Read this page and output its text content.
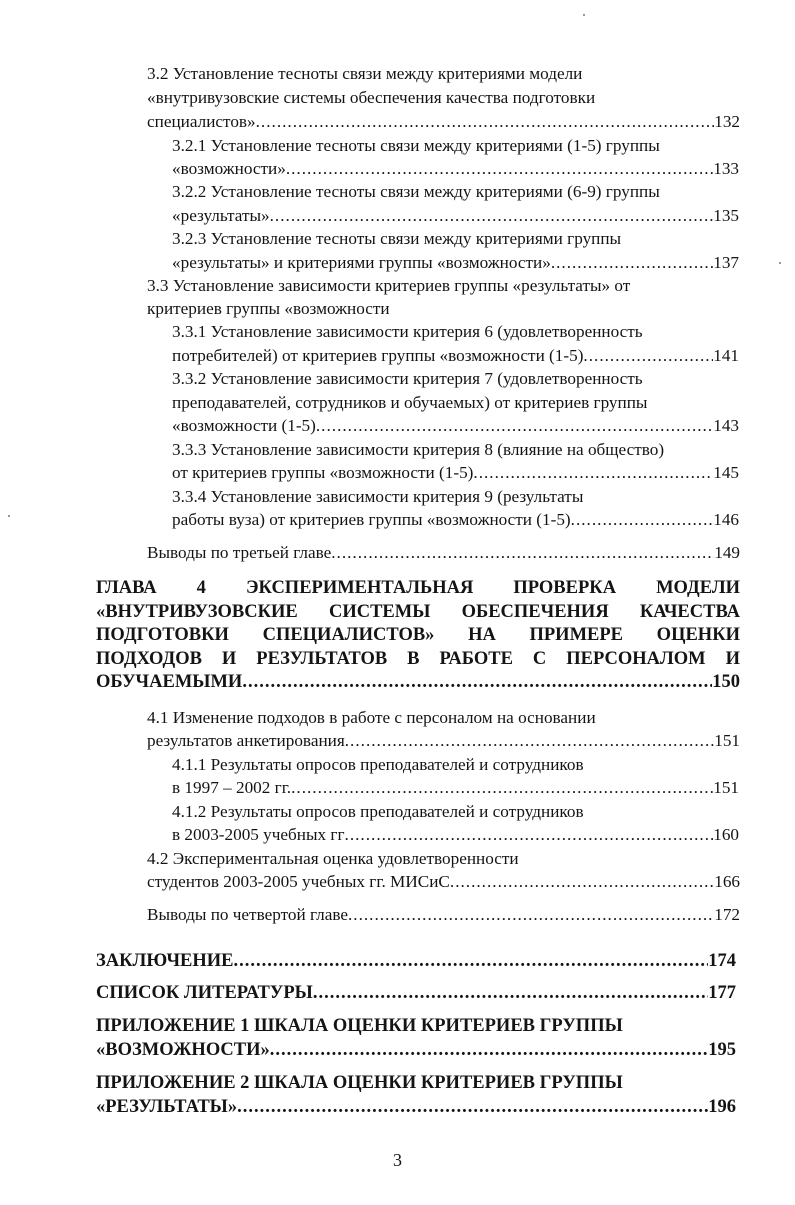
3.2 Установление тесноты связи между критериями модели
«внутривузовские системы обеспечения качества подготовки
специалистов» .....	132
3.2.1 Установление тесноты связи между критериями (1-5) группы
«возможности» .....	133
3.2.2 Установление тесноты связи между критериями (6-9) группы
«результаты» .....	135
3.2.3 Установление тесноты связи между критериями группы
«результаты» и критериями группы «возможности» .....	137
3.3 Установление зависимости критериев группы «результаты» от
критериев группы «возможности
3.3.1 Установление зависимости критерия 6 (удовлетворенность
потребителей) от критериев группы «возможности (1-5) .....	141
3.3.2 Установление зависимости критерия 7 (удовлетворенность
преподавателей, сотрудников и обучаемых) от критериев группы
«возможности (1-5) .....	143
3.3.3 Установление зависимости критерия 8 (влияние на общество)
от критериев группы «возможности (1-5) .....	145
3.3.4 Установление зависимости критерия 9 (результаты
работы вуза) от критериев группы «возможности (1-5) .....	146
Выводы по третьей главе .....	149
ГЛАВА 4 ЭКСПЕРИМЕНТАЛЬНАЯ ПРОВЕРКА МОДЕЛИ
«ВНУТРИВУЗОВСКИЕ СИСТЕМЫ ОБЕСПЕЧЕНИЯ КАЧЕСТВА
ПОДГОТОВКИ СПЕЦИАЛИСТОВ» НА ПРИМЕРЕ ОЦЕНКИ
ПОДХОДОВ И РЕЗУЛЬТАТОВ В РАБОТЕ С ПЕРСОНАЛОМ И
ОБУЧАЕМЫМИ .....	150
4.1 Изменение подходов в работе с персоналом на основании
результатов анкетирования .....	151
4.1.1 Результаты опросов преподавателей и сотрудников
в 1997 – 2002 гг. .....	151
4.1.2 Результаты опросов преподавателей и сотрудников
в 2003-2005 учебных гг .....	160
4.2 Экспериментальная оценка удовлетворенности
студентов 2003-2005 учебных гг. МИСиС .....	166
Выводы по четвертой главе .....	172
ЗАКЛЮЧЕНИЕ .....	174
СПИСОК ЛИТЕРАТУРЫ .....	177
ПРИЛОЖЕНИЕ 1 ШКАЛА ОЦЕНКИ КРИТЕРИЕВ ГРУППЫ
«ВОЗМОЖНОСТИ» .....	195
ПРИЛОЖЕНИЕ 2 ШКАЛА ОЦЕНКИ КРИТЕРИЕВ ГРУППЫ
«РЕЗУЛЬТАТЫ» .....	196
3
